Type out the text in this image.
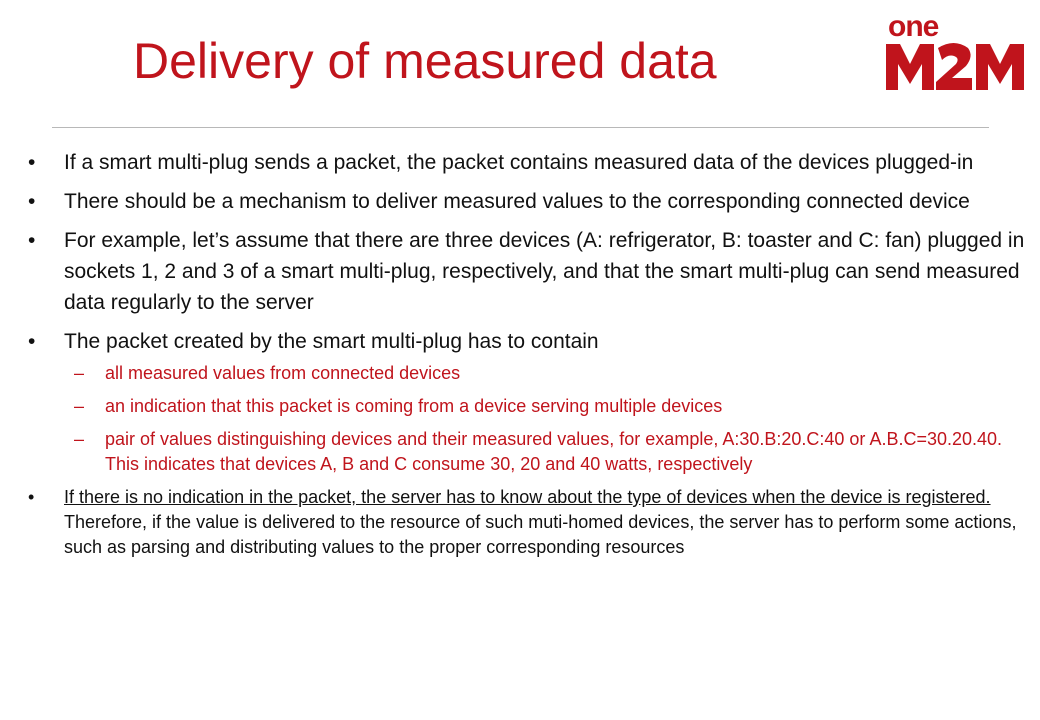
Delivery of measured data
one
• If a smart multi-plug sends a packet, the packet contains measured data of the devices plugged-in
• There should be a mechanism to deliver measured values to the corresponding connected device
• For example, let’s assume that there are three devices (A: refrigerator, B: toaster and C: fan) plugged in sockets 1, 2 and 3 of a smart multi-plug, respectively, and that the smart multi-plug can send measured data regularly to the server
• The packet created by the smart multi-plug has to contain
– all measured values from connected devices
– an indication that this packet is coming from a device serving multiple devices
– pair of values distinguishing devices and their measured values, for example, A:30.B:20.C:40 or A.B.C=30.20.40. This indicates that devices A, B and C consume 30, 20 and 40 watts, respectively
• If there is no indication in the packet, the server has to know about the type of devices when the device is registered. Therefore, if the value is delivered to the resource of such muti-homed devices, the server has to perform some actions, such as parsing and distributing values to the proper corresponding resources
